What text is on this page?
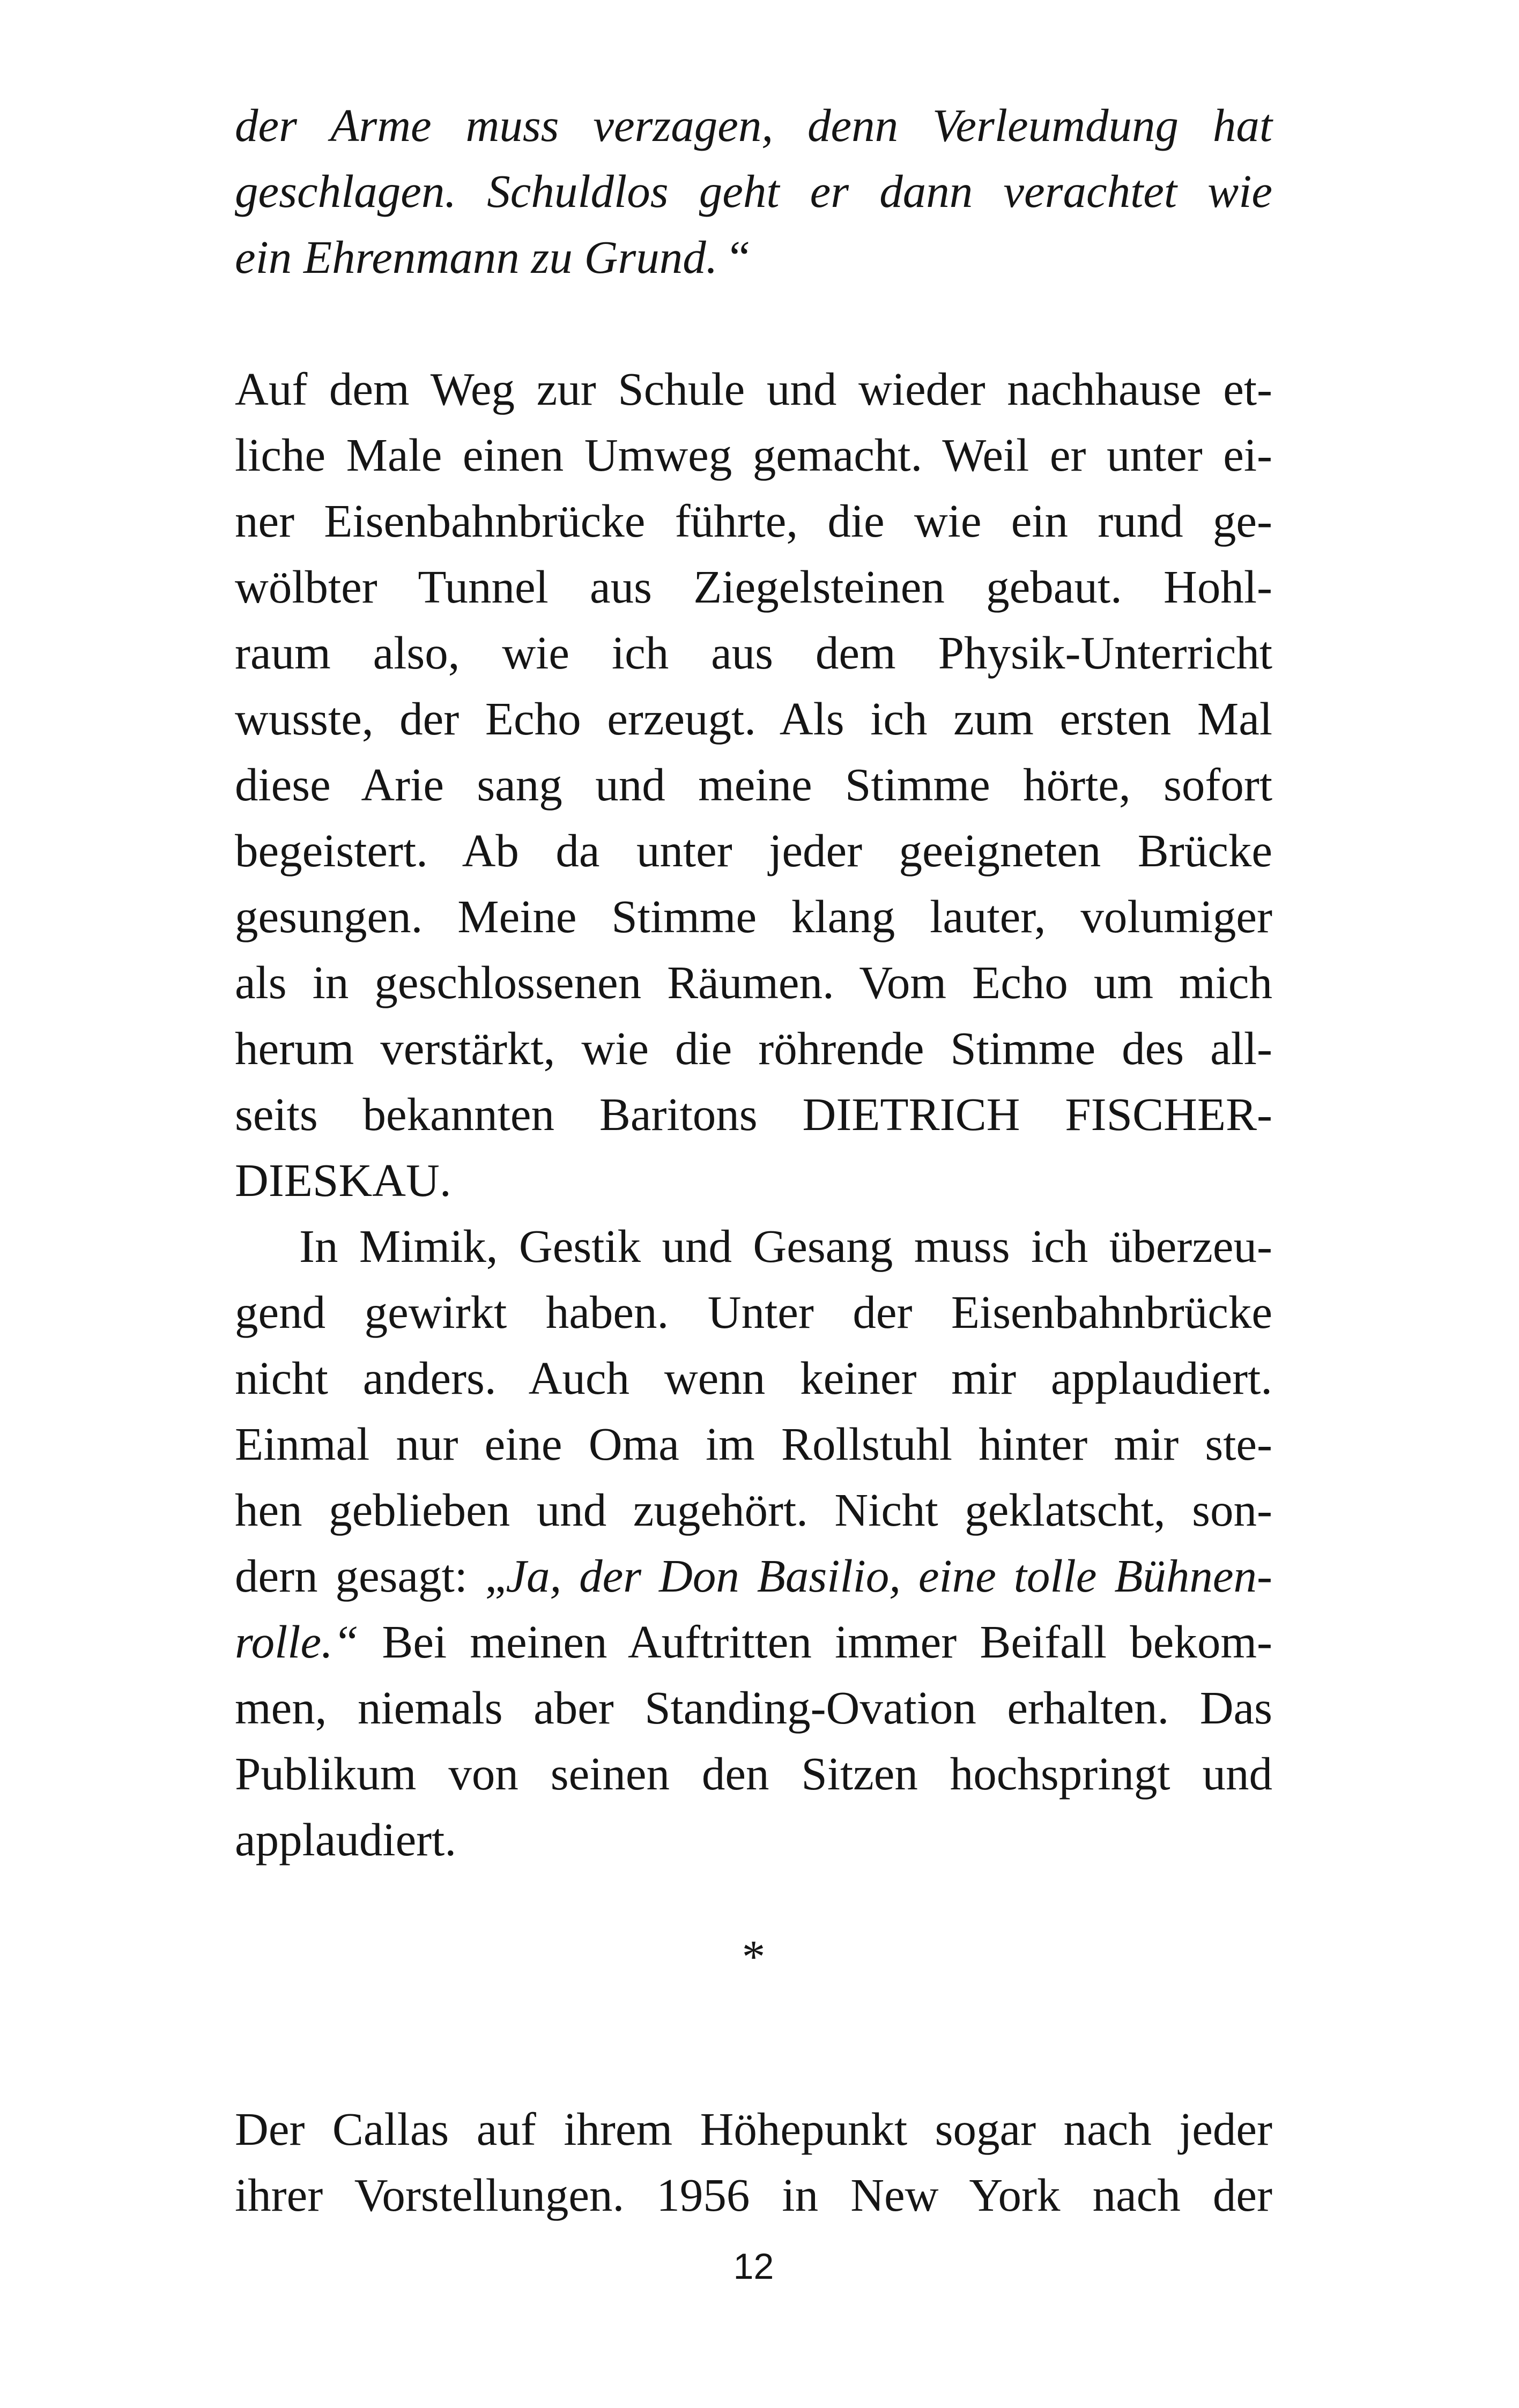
der Arme muss verzagen, denn Verleumdung hat
geschlagen. Schuldlos geht er dann verachtet wie
ein Ehrenmann zu Grund. “
Auf dem Weg zur Schule und wieder nachhause et-
liche Male einen Umweg gemacht. Weil er unter ei-
ner Eisenbahnbrücke führte, die wie ein rund ge-
wölbter Tunnel aus Ziegelsteinen gebaut. Hohl-
raum also, wie ich aus dem Physik-Unterricht
wusste, der Echo erzeugt. Als ich zum ersten Mal
diese Arie sang und meine Stimme hörte, sofort
begeistert. Ab da unter jeder geeigneten Brücke
gesungen. Meine Stimme klang lauter, volumiger
als in geschlossenen Räumen. Vom Echo um mich
herum verstärkt, wie die röhrende Stimme des all-
seits bekannten Baritons DIETRICH FISCHER-
DIESKAU.
In Mimik, Gestik und Gesang muss ich überzeu-
gend gewirkt haben. Unter der Eisenbahnbrücke
nicht anders. Auch wenn keiner mir applaudiert.
Einmal nur eine Oma im Rollstuhl hinter mir ste-
hen geblieben und zugehört. Nicht geklatscht, son-
dern gesagt: „Ja, der Don Basilio, eine tolle Bühnen-
rolle.“ Bei meinen Auftritten immer Beifall bekom-
men, niemals aber Standing-Ovation erhalten. Das
Publikum von seinen den Sitzen hochspringt und
applaudiert.
*
Der Callas auf ihrem Höhepunkt sogar nach jeder
ihrer Vorstellungen. 1956 in New York nach der
12
